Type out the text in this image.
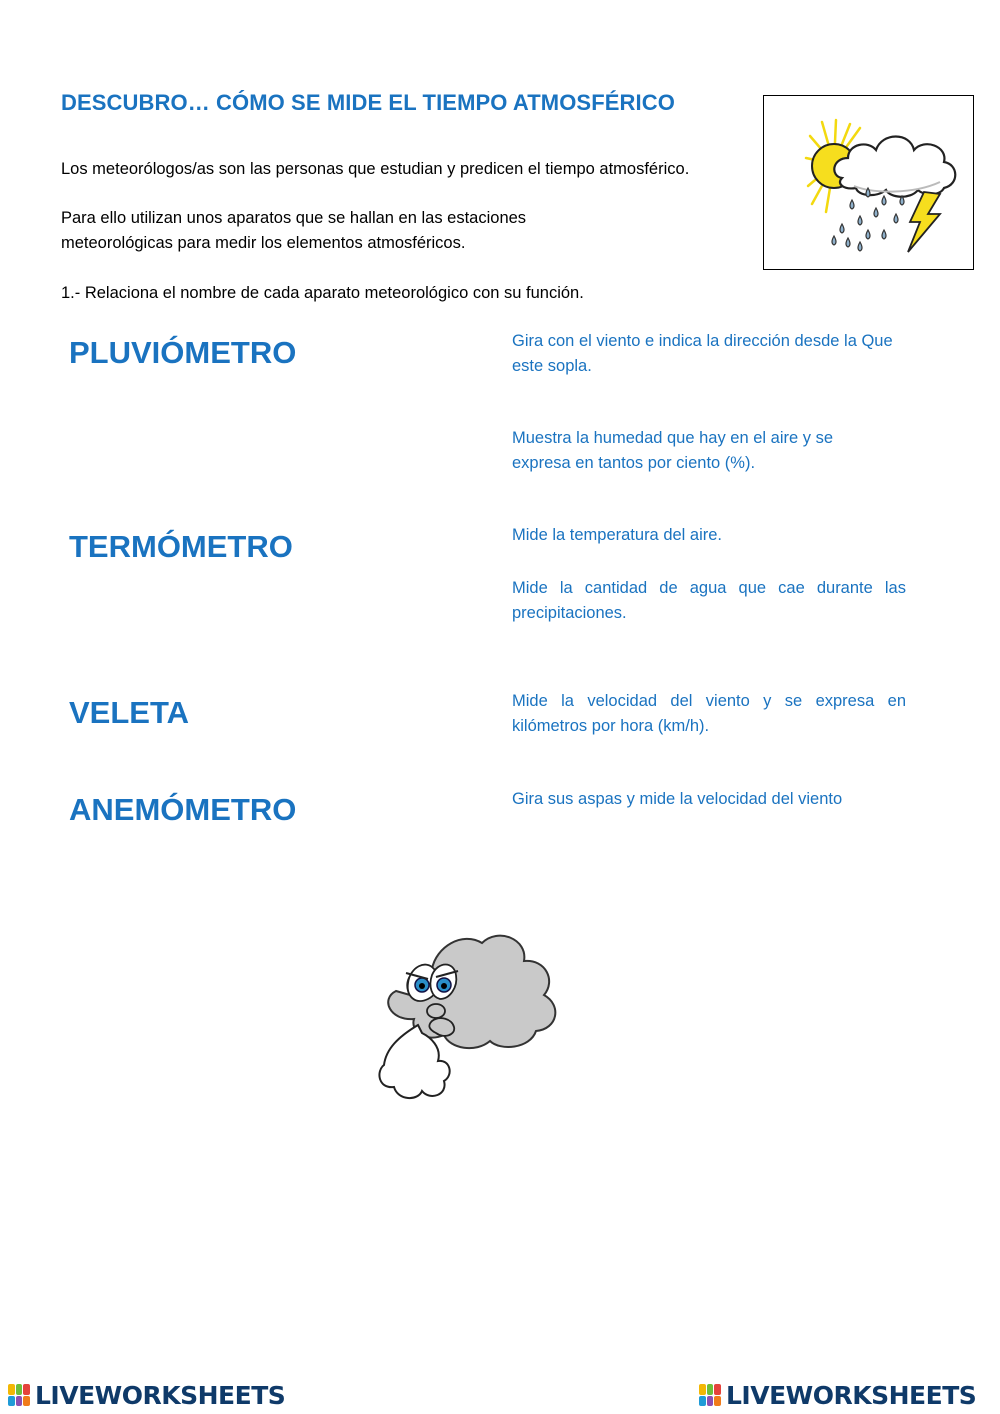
DESCUBRO… CÓMO SE MIDE EL TIEMPO ATMOSFÉRICO
Los meteorólogos/as son las personas que estudian y predicen el tiempo atmosférico.
Para ello utilizan unos aparatos que se hallan en las estaciones meteorológicas para medir los elementos atmosféricos.
1.- Relaciona el nombre de cada aparato meteorológico con su función.
PLUVIÓMETRO
TERMÓMETRO
VELETA
ANEMÓMETRO
Gira con el viento e indica la dirección desde la Que este sopla.
Muestra la humedad que hay en el aire y se expresa en tantos por ciento (%).
Mide la temperatura del aire.
Mide la cantidad de agua que cae durante las precipitaciones.
Mide la velocidad del viento y se expresa en kilómetros por hora (km/h).
Gira sus aspas y mide la velocidad del viento
LIVEWORKSHEETS	LIVEWORKSHEETS
